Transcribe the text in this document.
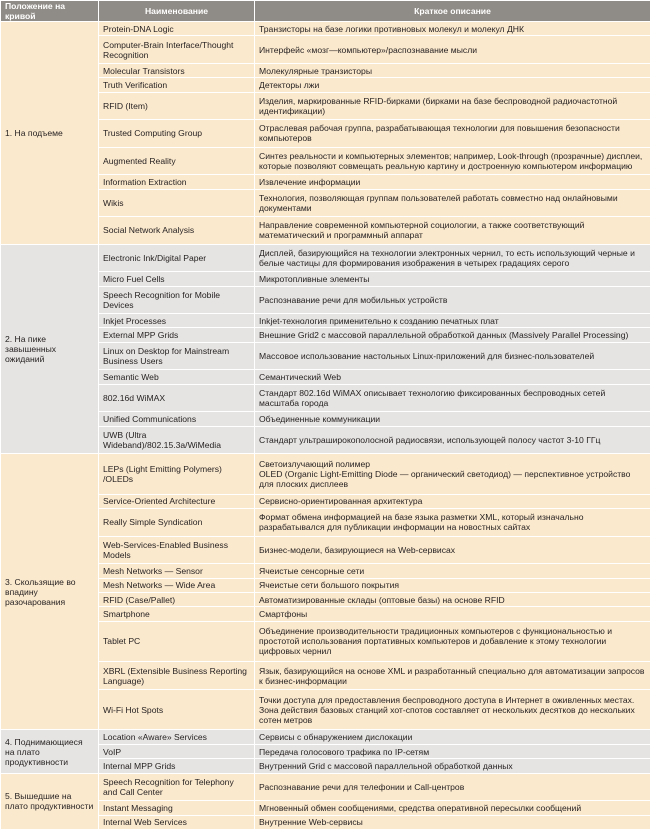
Положение на кривой	Наименование	Краткое описание
1. На подъеме	Protein-DNA Logic	Транзисторы на базе логики противновых молекул и молекул ДНК
	Computer-Brain Interface/Thought Recognition	Интерфейс «мозг—компьютер»/распознавание мысли
	Molecular Transistors	Молекулярные транзисторы
	Truth Verification	Детекторы лжи
	RFID (Item)	Изделия, маркированные RFID-бирками (бирками на базе беспроводной радиочастотной идентификации)
	Trusted Computing Group	Отраслевая рабочая группа, разрабатывающая технологии для повышения безопасности компьютеров
	Augmented Reality	Синтез реальности и компьютерных элементов; например, Look-through (прозрачные) дисплеи, которые позволяют совмещать реальную картину и достроенную компьютером информацию
	Information Extraction	Извлечение информации
	Wikis	Технология, позволяющая группам пользователей работать совместно над онлайновыми документами
	Social Network Analysis	Направление современной компьютерной социологии, а также соответствующий математический и программный аппарат
2. На пике завышенных ожиданий	Electronic Ink/Digital Paper	Дисплей, базирующийся на технологии электронных чернил, то есть использующий черные и белые частицы для формирования изображения в четырех градациях серого
	Micro Fuel Cells	Микротопливные элементы
	Speech Recognition for Mobile Devices	Распознавание речи для мобильных устройств
	Inkjet Processes	Inkjet-технология применительно к созданию печатных плат
	External MPP Grids	Внешние Grid2 с массовой параллельной обработкой данных (Massively Parallel Processing)
	Linux on Desktop for Mainstream Business Users	Массовое использование настольных Linux-приложений для бизнес-пользователей
	Semantic Web	Семантический Web
	802.16d WiMAX	Стандарт 802.16d WiMAX описывает технологию фиксированных беспроводных сетей масштаба города
	Unified Communications	Объединенные коммуникации
	UWB (Ultra Wideband)/802.15.3a/WiMedia	Стандарт ультраширокополосной радиосвязи, использующей полосу частот 3-10 ГГц
3. Скользящие во впадину разочарования	LEPs (Light Emitting Polymers) /OLEDs	Светоизлучающий полимер
OLED (Organic Light-Emitting Diode — органический светодиод) — перспективное устройство для плоских дисплеев
	Service-Oriented Architecture	Сервисно-ориентированная архитектура
	Really Simple Syndication	Формат обмена информацией на базе языка разметки XML, который изначально разрабатывался для публикации информации на новостных сайтах
	Web-Services-Enabled Business Models	Бизнес-модели, базирующиеся на Web-сервисах
	Mesh Networks — Sensor	Ячеистые сенсорные сети
	Mesh Networks — Wide Area	Ячеистые сети большого покрытия
	RFID (Case/Pallet)	Автоматизированные склады (оптовые базы) на основе RFID
	Smartphone	Смартфоны
	Tablet PC	Объединение производительности традиционных компьютеров с функциональностью и простотой использования портативных компьютеров и добавление к этому технологии цифровых чернил
	XBRL (Extensible Business Reporting Language)	Язык, базирующийся на основе XML и разработанный специально для автоматизации запросов к бизнес-информации
	Wi-Fi Hot Spots	Точки доступа для предоставления беспроводного доступа в Интернет в оживленных местах. Зона действия базовых станций хот-спотов составляет от нескольких десятков до нескольких сотен метров
4. Поднимающиеся на плато продуктивности	Location «Aware» Services	Сервисы с обнаружением дислокации
	VoIP	Передача голосового трафика по IP-сетям
	Internal MPP Grids	Внутренний Grid с массовой параллельной обработкой данных
5. Вышедшие на плато продуктивности	Speech Recognition for Telephony and Call Center	Распознавание речи для телефонии и Call-центров
	Instant Messaging	Мгновенный обмен сообщениями, средства оперативной пересылки сообщений
	Internal Web Services	Внутренние Web-сервисы
